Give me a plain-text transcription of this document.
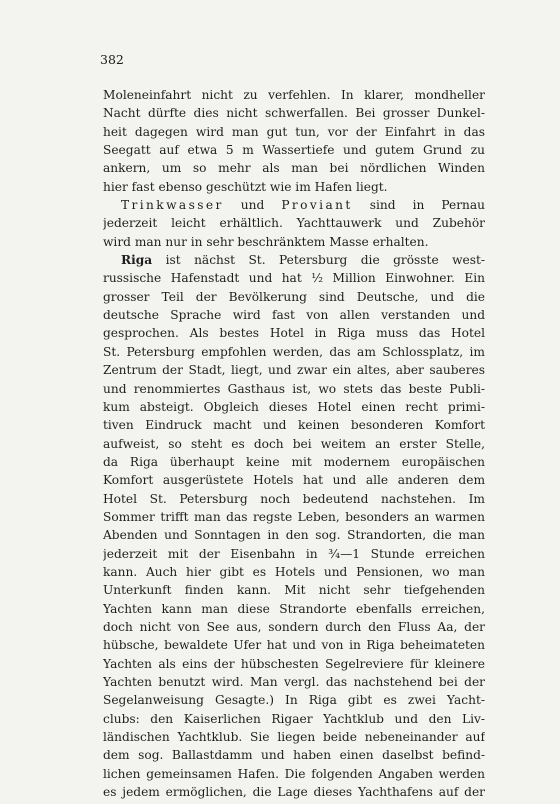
382
Moleneinfahrt nicht zu verfehlen. In klarer, mondheller
Nacht dürfte dies nicht schwerfallen. Bei grosser Dunkel-
heit dagegen wird man gut tun, vor der Einfahrt in das
Seegatt auf etwa 5 m Wassertiefe und gutem Grund zu
ankern, um so mehr als man bei nördlichen Winden
hier fast ebenso geschützt wie im Hafen liegt.
Trinkwasser und Proviant sind in Pernau
jederzeit leicht erhältlich. Yachttauwerk und Zubehör
wird man nur in sehr beschränktem Masse erhalten.
Riga ist nächst St. Petersburg die grösste west-
russische Hafenstadt und hat ½ Million Einwohner. Ein
grosser Teil der Bevölkerung sind Deutsche, und die
deutsche Sprache wird fast von allen verstanden und
gesprochen. Als bestes Hotel in Riga muss das Hotel
St. Petersburg empfohlen werden, das am Schlossplatz, im
Zentrum der Stadt, liegt, und zwar ein altes, aber sauberes
und renommiertes Gasthaus ist, wo stets das beste Publi-
kum absteigt. Obgleich dieses Hotel einen recht primi-
tiven Eindruck macht und keinen besonderen Komfort
aufweist, so steht es doch bei weitem an erster Stelle,
da Riga überhaupt keine mit modernem europäischen
Komfort ausgerüstete Hotels hat und alle anderen dem
Hotel St. Petersburg noch bedeutend nachstehen. Im
Sommer trifft man das regste Leben, besonders an warmen
Abenden und Sonntagen in den sog. Strandorten, die man
jederzeit mit der Eisenbahn in ¾—1 Stunde erreichen
kann. Auch hier gibt es Hotels und Pensionen, wo man
Unterkunft finden kann. Mit nicht sehr tiefgehenden
Yachten kann man diese Strandorte ebenfalls erreichen,
doch nicht von See aus, sondern durch den Fluss Aa, der
hübsche, bewaldete Ufer hat und von in Riga beheimateten
Yachten als eins der hübschesten Segelreviere für kleinere
Yachten benutzt wird. Man vergl. das nachstehend bei der
Segelanweisung Gesagte.) In Riga gibt es zwei Yacht-
clubs: den Kaiserlichen Rigaer Yachtklub und den Liv-
ländischen Yachtklub. Sie liegen beide nebeneinander auf
dem sog. Ballastdamm und haben einen daselbst befind-
lichen gemeinsamen Hafen. Die folgenden Angaben werden
es jedem ermöglichen, die Lage dieses Yachthafens auf der
